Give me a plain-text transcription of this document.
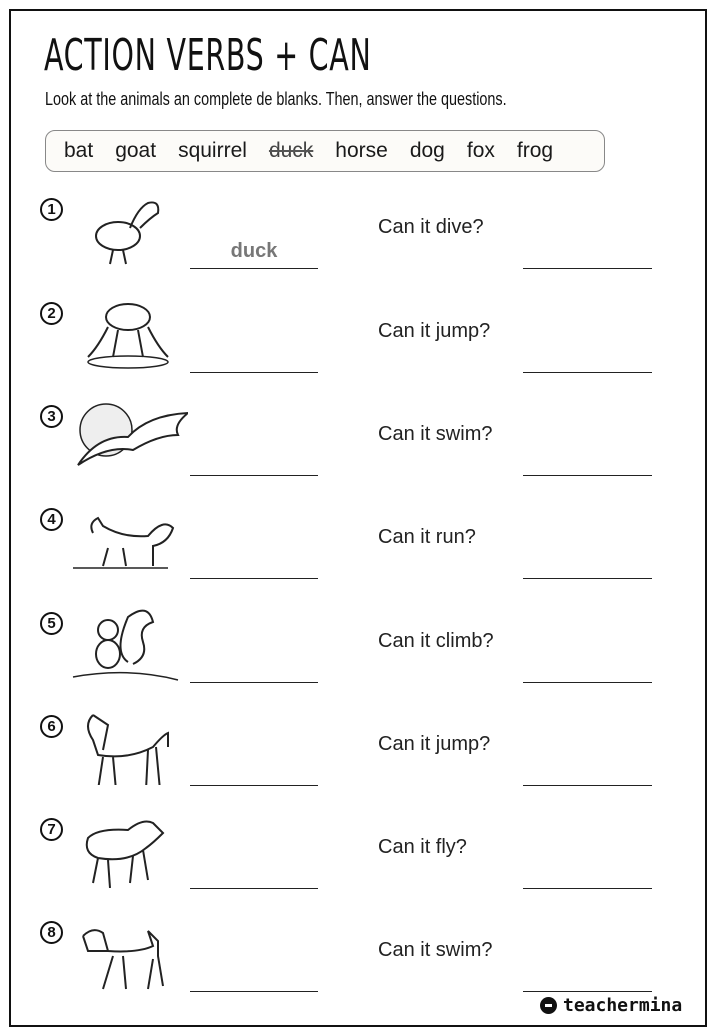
ACTION VERBS + CAN
Look at the animals an complete de blanks. Then, answer the questions.
bat goat squirrel duck horse dog fox frog
1
duck
Can it dive?
2
Can it jump?
3
Can it swim?
4
Can it run?
5
Can it climb?
6
Can it jump?
7
Can it fly?
8
Can it swim?
teachermina
